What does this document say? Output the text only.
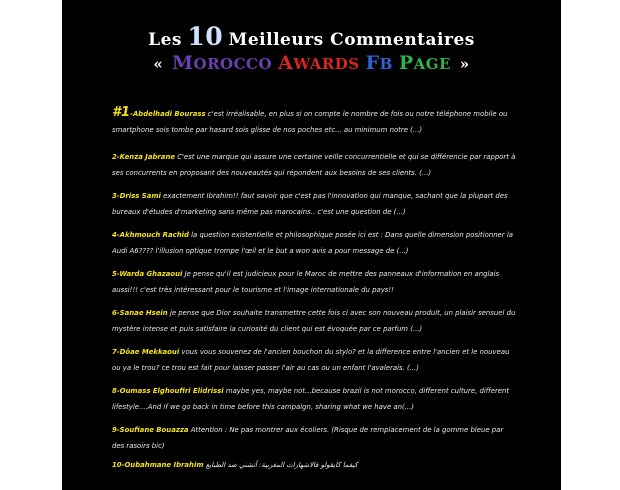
Les 10 Meilleurs Commentaires
« MOROCCO AWARDS FB PAGE »

#1-Abdelhadi Bourass c'est irréalisable, en plus si on compte le nombre de fois ou notre téléphone mobile ou smartphone sois tombe par hasard sois glisse de nos poches etc... au minimum notre (...)

2-Kenza Jabrane C'est une marque qui assure une certaine veille concurrentielle et qui se différencie par rapport à ses concurrents en proposant des nouveautés qui répondent aux besoins de ses clients. (...)

3-Driss Sami exactement Ibrahim!! faut savoir que c'est pas l'innovation qui manque, sachant que la plupart des bureaux d'études d'marketing sans même pas marocains.. c'est une question de (...)

4-Akhmouch Rachid la question existentielle et philosophique posée ici est : Dans quelle dimension positionner la Audi A6???? l'illusion optique trompe l'œil et le but a won avis a pour message de (...)

5-Warda Ghazaoui Je pense qu'il est judicieux pour le Maroc de mettre des panneaux d'information en anglais aussi!!! c'est très intéressant pour le tourisme et l'image internationale du pays!!

6-Sanae Hsein je pense que Dior souhaite transmettre cette fois ci avec son nouveau produit, un plaisir sensuel du mystère intense et puis satisfaire la curiosité du client qui est évoquée par ce parfum (...)

7-Dôae Mekkaoui vous vous souvenez de l'ancien bouchon du stylo? et la difference entre l'ancien et le nouveau ou ya le trou? ce trou est fait pour laisser passer l'air au cas ou un enfant l'avalerais. (...)

8-Oumass Elghoufiri Elidrissi maybe yes, maybe not...because brazil is not morocco, different culture, different lifestyle....And if we go back in time before this campaign, sharing what we have an(...)

9-Soufiane Bouazza Attention : Ne pas montrer aux écoliers. (Risque de remplacement de la gomme bleue par des rasoirs bic)

10-Oubahmane Ibrahim كيفما كايقولو فالاشهارات المغربية: أتشني ضد الطبايع
